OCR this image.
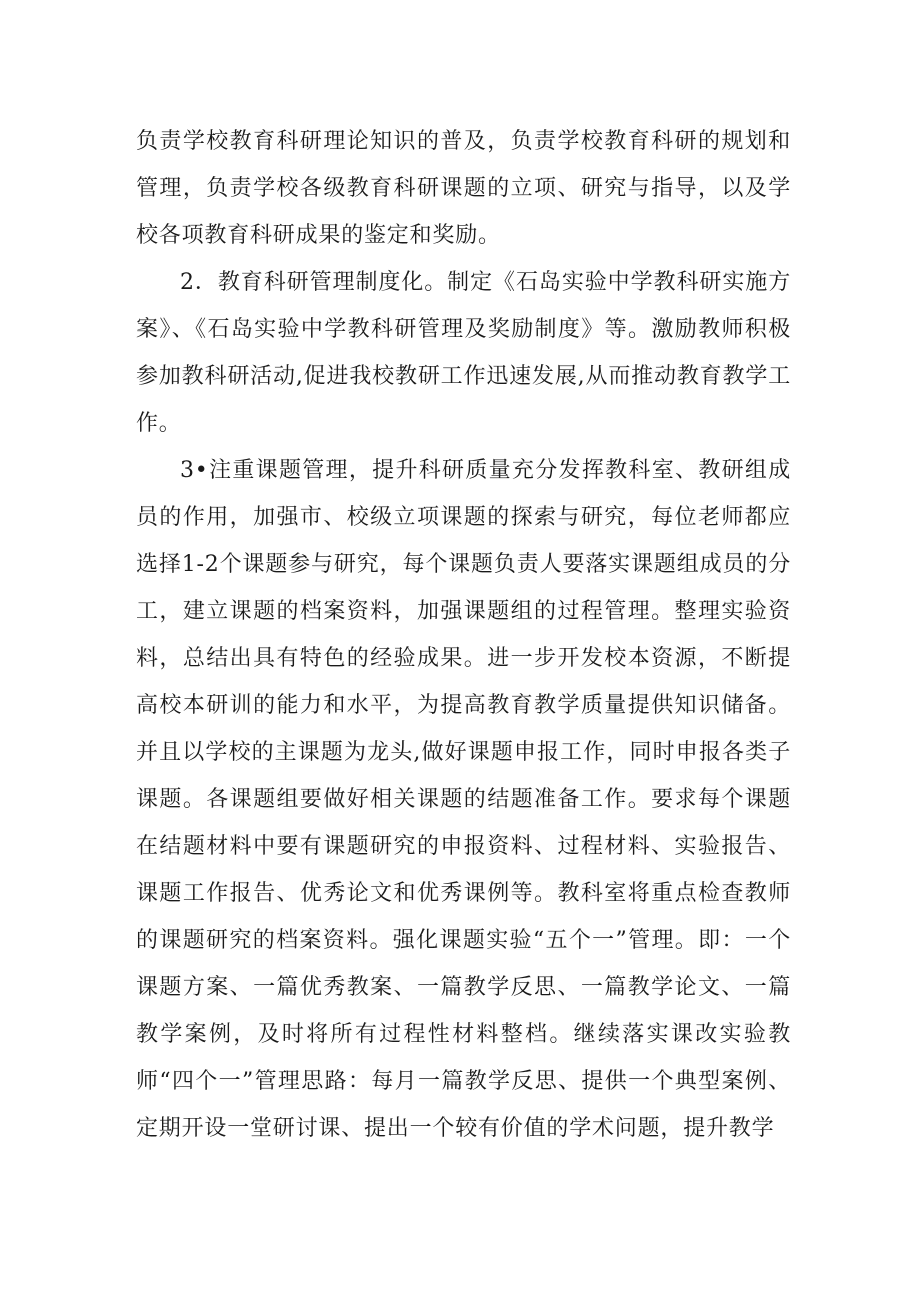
负责学校教育科研理论知识的普及，负责学校教育科研的规划和管理，负责学校各级教育科研课题的立项、研究与指导，以及学校各项教育科研成果的鉴定和奖励。

2．教育科研管理制度化。制定《石岛实验中学教科研实施方案》、《石岛实验中学教科研管理及奖励制度》等。激励教师积极参加教科研活动,促进我校教研工作迅速发展,从而推动教育教学工作。

3•注重课题管理，提升科研质量充分发挥教科室、教研组成员的作用，加强市、校级立项课题的探索与研究，每位老师都应选择1-2个课题参与研究，每个课题负责人要落实课题组成员的分工，建立课题的档案资料，加强课题组的过程管理。整理实验资料，总结出具有特色的经验成果。进一步开发校本资源，不断提高校本研训的能力和水平，为提高教育教学质量提供知识储备。并且以学校的主课题为龙头,做好课题申报工作，同时申报各类子课题。各课题组要做好相关课题的结题准备工作。要求每个课题在结题材料中要有课题研究的申报资料、过程材料、实验报告、课题工作报告、优秀论文和优秀课例等。教科室将重点检查教师的课题研究的档案资料。强化课题实验“五个一”管理。即：一个课题方案、一篇优秀教案、一篇教学反思、一篇教学论文、一篇教学案例，及时将所有过程性材料整档。继续落实课改实验教师“四个一”管理思路：每月一篇教学反思、提供一个典型案例、定期开设一堂研讨课、提出一个较有价值的学术问题，提升教学
